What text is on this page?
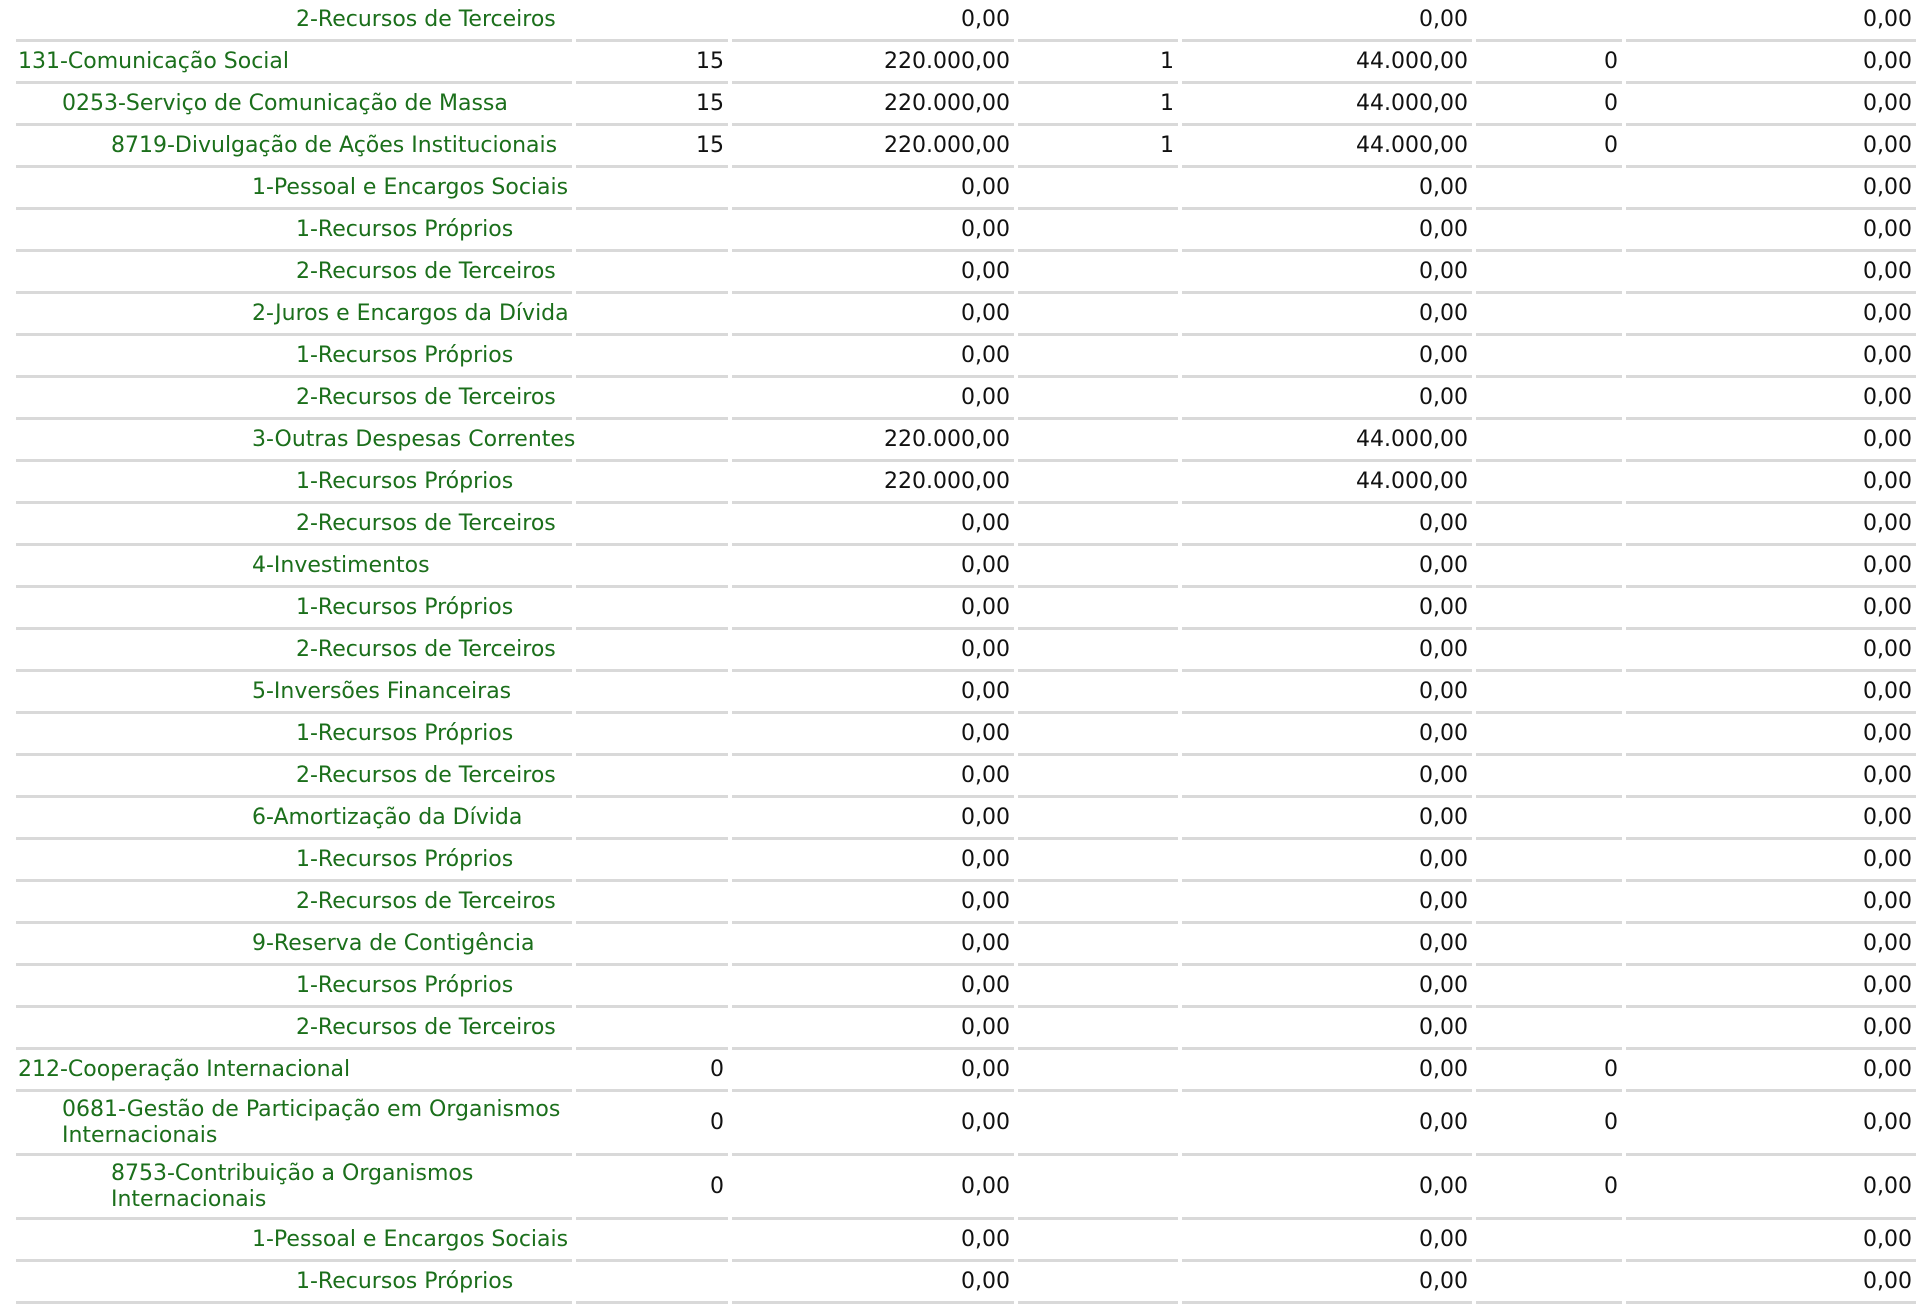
2-Recursos de Terceiros		0,00		0,00		0,00
131-Comunicação Social	15	220.000,00	1	44.000,00	0	0,00
0253-Serviço de Comunicação de Massa	15	220.000,00	1	44.000,00	0	0,00
8719-Divulgação de Ações Institucionais	15	220.000,00	1	44.000,00	0	0,00
1-Pessoal e Encargos Sociais		0,00		0,00		0,00
1-Recursos Próprios		0,00		0,00		0,00
2-Recursos de Terceiros		0,00		0,00		0,00
2-Juros e Encargos da Dívida		0,00		0,00		0,00
1-Recursos Próprios		0,00		0,00		0,00
2-Recursos de Terceiros		0,00		0,00		0,00
3-Outras Despesas Correntes		220.000,00		44.000,00		0,00
1-Recursos Próprios		220.000,00		44.000,00		0,00
2-Recursos de Terceiros		0,00		0,00		0,00
4-Investimentos		0,00		0,00		0,00
1-Recursos Próprios		0,00		0,00		0,00
2-Recursos de Terceiros		0,00		0,00		0,00
5-Inversões Financeiras		0,00		0,00		0,00
1-Recursos Próprios		0,00		0,00		0,00
2-Recursos de Terceiros		0,00		0,00		0,00
6-Amortização da Dívida		0,00		0,00		0,00
1-Recursos Próprios		0,00		0,00		0,00
2-Recursos de Terceiros		0,00		0,00		0,00
9-Reserva de Contigência		0,00		0,00		0,00
1-Recursos Próprios		0,00		0,00		0,00
2-Recursos de Terceiros		0,00		0,00		0,00
212-Cooperação Internacional	0	0,00		0,00	0	0,00
0681-Gestão de Participação em Organismos Internacionais	0	0,00		0,00	0	0,00
8753-Contribuição a Organismos Internacionais	0	0,00		0,00	0	0,00
1-Pessoal e Encargos Sociais		0,00		0,00		0,00
1-Recursos Próprios		0,00		0,00		0,00
